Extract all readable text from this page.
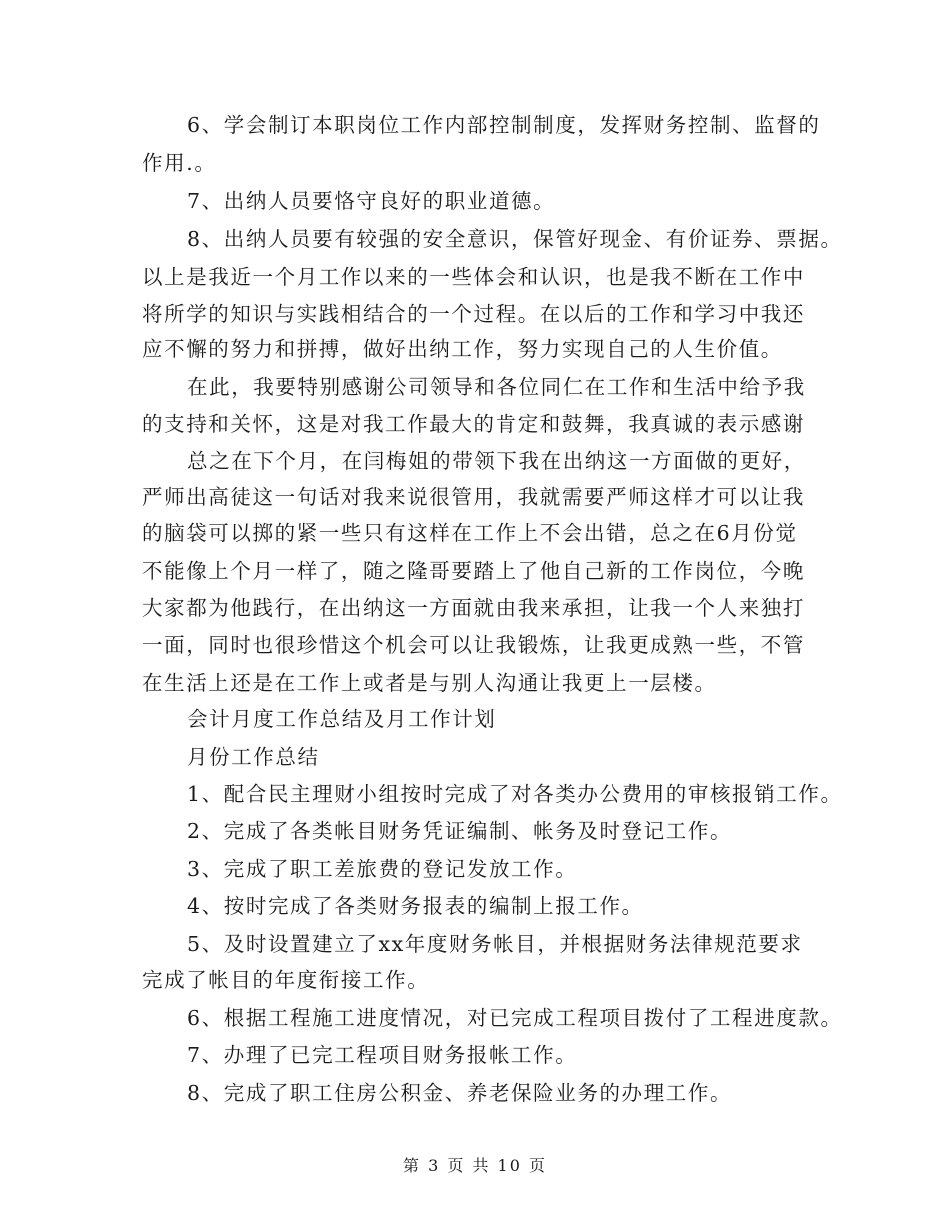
6、学会制订本职岗位工作内部控制制度，发挥财务控制、监督的
作用.。
7、出纳人员要恪守良好的职业道德。
8、出纳人员要有较强的安全意识，保管好现金、有价证券、票据。
以上是我近一个月工作以来的一些体会和认识，也是我不断在工作中
将所学的知识与实践相结合的一个过程。在以后的工作和学习中我还
应不懈的努力和拼搏，做好出纳工作，努力实现自己的人生价值。
在此，我要特别感谢公司领导和各位同仁在工作和生活中给予我
的支持和关怀，这是对我工作最大的肯定和鼓舞，我真诚的表示感谢
总之在下个月，在闫梅姐的带领下我在出纳这一方面做的更好，
严师出高徒这一句话对我来说很管用，我就需要严师这样才可以让我
的脑袋可以掷的紧一些只有这样在工作上不会出错，总之在6月份觉
不能像上个月一样了，随之隆哥要踏上了他自己新的工作岗位，今晚
大家都为他践行，在出纳这一方面就由我来承担，让我一个人来独打
一面，同时也很珍惜这个机会可以让我锻炼，让我更成熟一些，不管
在生活上还是在工作上或者是与别人沟通让我更上一层楼。
会计月度工作总结及月工作计划
月份工作总结
1、配合民主理财小组按时完成了对各类办公费用的审核报销工作。
2、完成了各类帐目财务凭证编制、帐务及时登记工作。
3、完成了职工差旅费的登记发放工作。
4、按时完成了各类财务报表的编制上报工作。
5、及时设置建立了xx年度财务帐目，并根据财务法律规范要求
完成了帐目的年度衔接工作。
6、根据工程施工进度情况，对已完成工程项目拨付了工程进度款。
7、办理了已完工程项目财务报帐工作。
8、完成了职工住房公积金、养老保险业务的办理工作。
第 3 页 共 10 页
